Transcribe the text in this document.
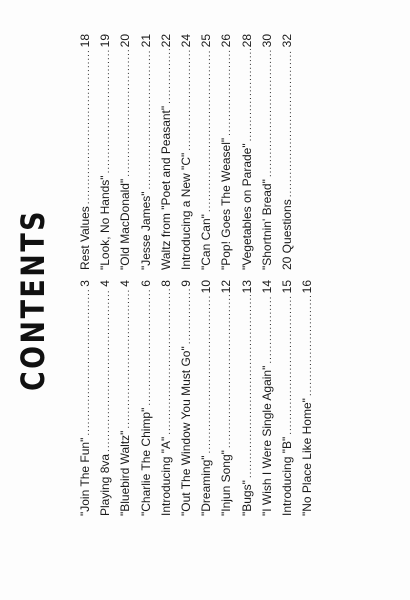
CONTENTS
"Join The Fun"
.....
3
Playing 8va
.....
4
"Bluebird Waltz"
.....
4
"Charlie The Chimp"
.....
6
Introducing "A"
.....
8
"Out The Window You Must Go"
.....
9
"Dreaming"
.....
10
"Injun Song"
.....
12
"Bugs"
.....
13
"I Wish I Were Single Again"
.....
14
Introducing "B"
.....
15
"No Place Like Home"
.....
16
Rest Values
.....
18
"Look, No Hands"
.....
19
"Old MacDonald"
.....
20
"Jesse James"
.....
21
Waltz from "Poet and Peasant"
.....
22
Introducing a New "C"
.....
24
"Can Can"
.....
25
"Pop! Goes The Weasel"
.....
26
"Vegetables on Parade"
.....
28
"Shortnin' Bread"
.....
30
20 Questions
.....
32
